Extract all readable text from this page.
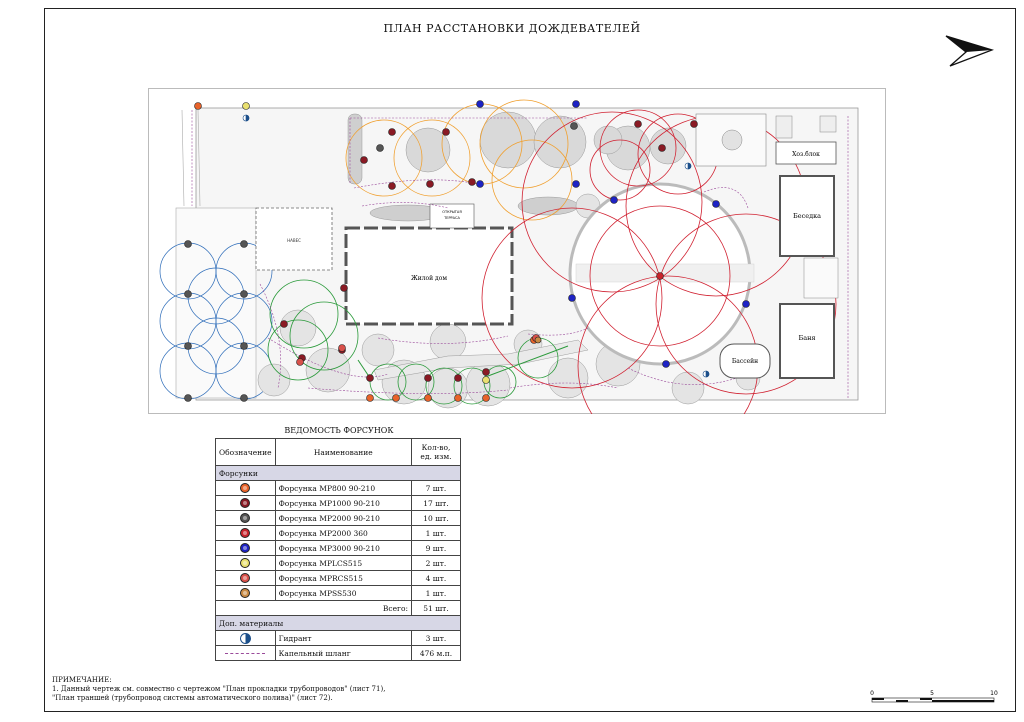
ПЛАН РАССТАНОВКИ ДОЖДЕВАТЕЛЕЙ
НАВЕС
Жилой дом
ОТКРЫТАЯ
ТЕРРАСА
Хоз.блок
Беседка
Баня
Бассейн
ВЕДОМОСТЬ ФОРСУНОК
Обозначение	Наименование	Кол-во, ед. изм.
Форсунки		
	Форсунка MP800 90-210	7 шт.
	Форсунка MP1000 90-210	17 шт.
	Форсунка MP2000 90-210	10 шт.
	Форсунка MP2000 360	1 шт.
	Форсунка MP3000 90-210	9 шт.
	Форсунка MPLCS515	2 шт.
	Форсунка MPRCS515	4 шт.
	Форсунка MPSS530	1 шт.
Всего:		51 шт.
Доп. материалы		
	Гидрант	3 шт.
	Капельный шланг	476 м.п.
ПРИМЕЧАНИЕ:
1. Данный чертеж см. совместно с чертежом "План прокладки трубопроводов" (лист 71),
"План траншей (трубопровод системы автоматического полива)" (лист 72).
0	5	10
